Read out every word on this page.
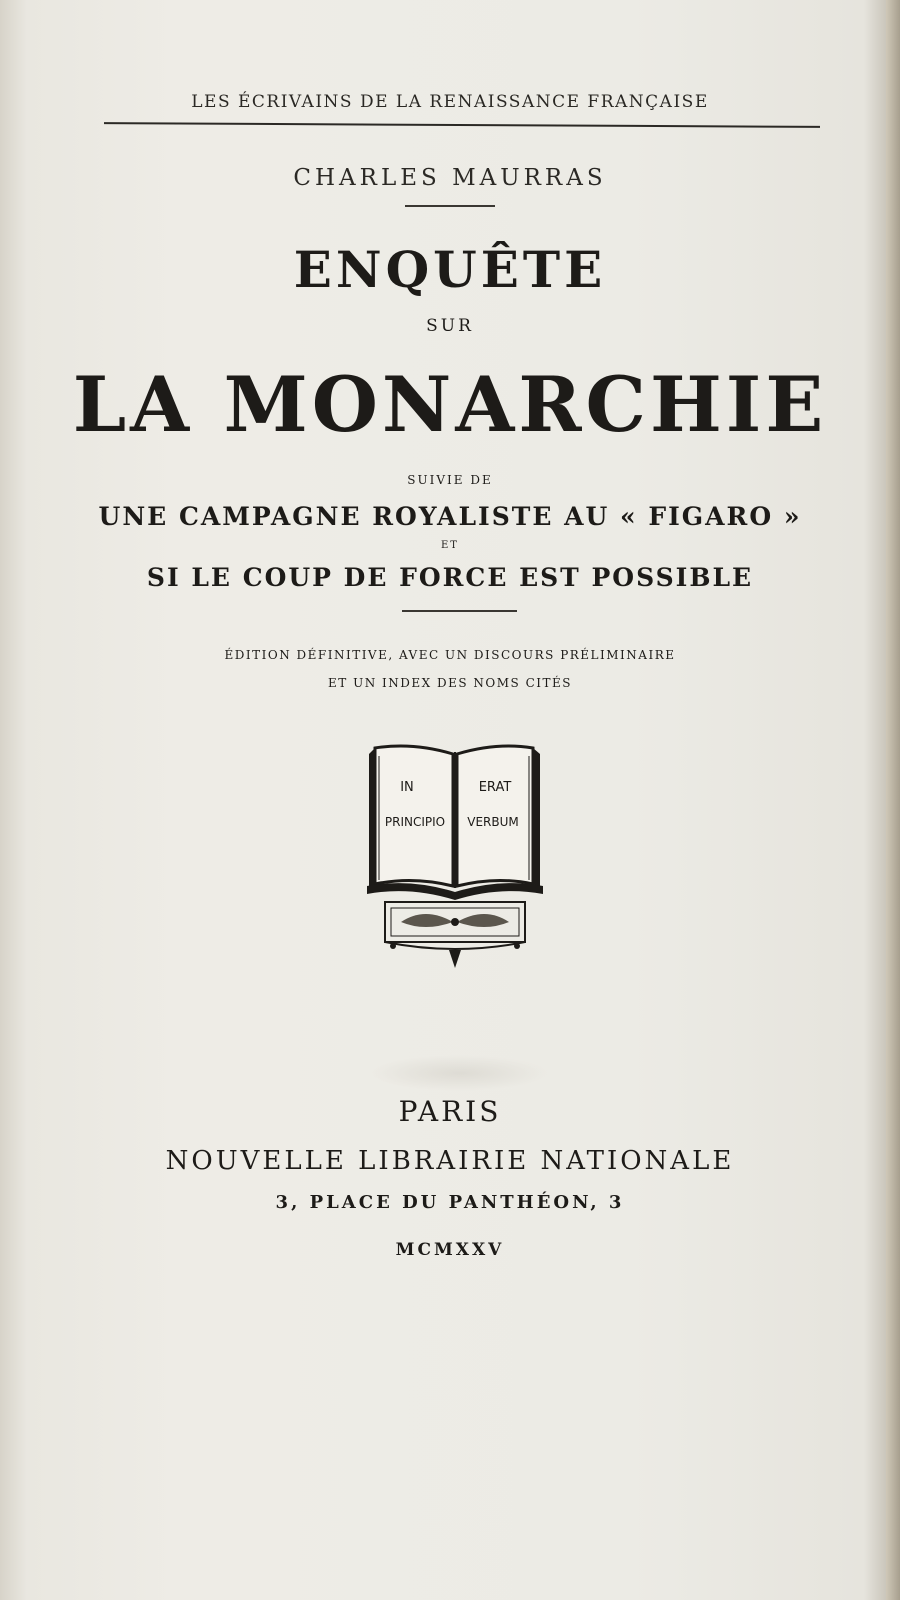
LES ÉCRIVAINS DE LA RENAISSANCE FRANÇAISE
CHARLES MAURRAS
ENQUÊTE
SUR
LA MONARCHIE
SUIVIE DE
UNE CAMPAGNE ROYALISTE AU « FIGARO »
ET
SI LE COUP DE FORCE EST POSSIBLE
ÉDITION DÉFINITIVE, AVEC UN DISCOURS PRÉLIMINAIRE
ET UN INDEX DES NOMS CITÉS
IN
PRINCIPIO
ERAT
VERBUM
PARIS
NOUVELLE LIBRAIRIE NATIONALE
3, PLACE DU PANTHÉON, 3
MCMXXV
